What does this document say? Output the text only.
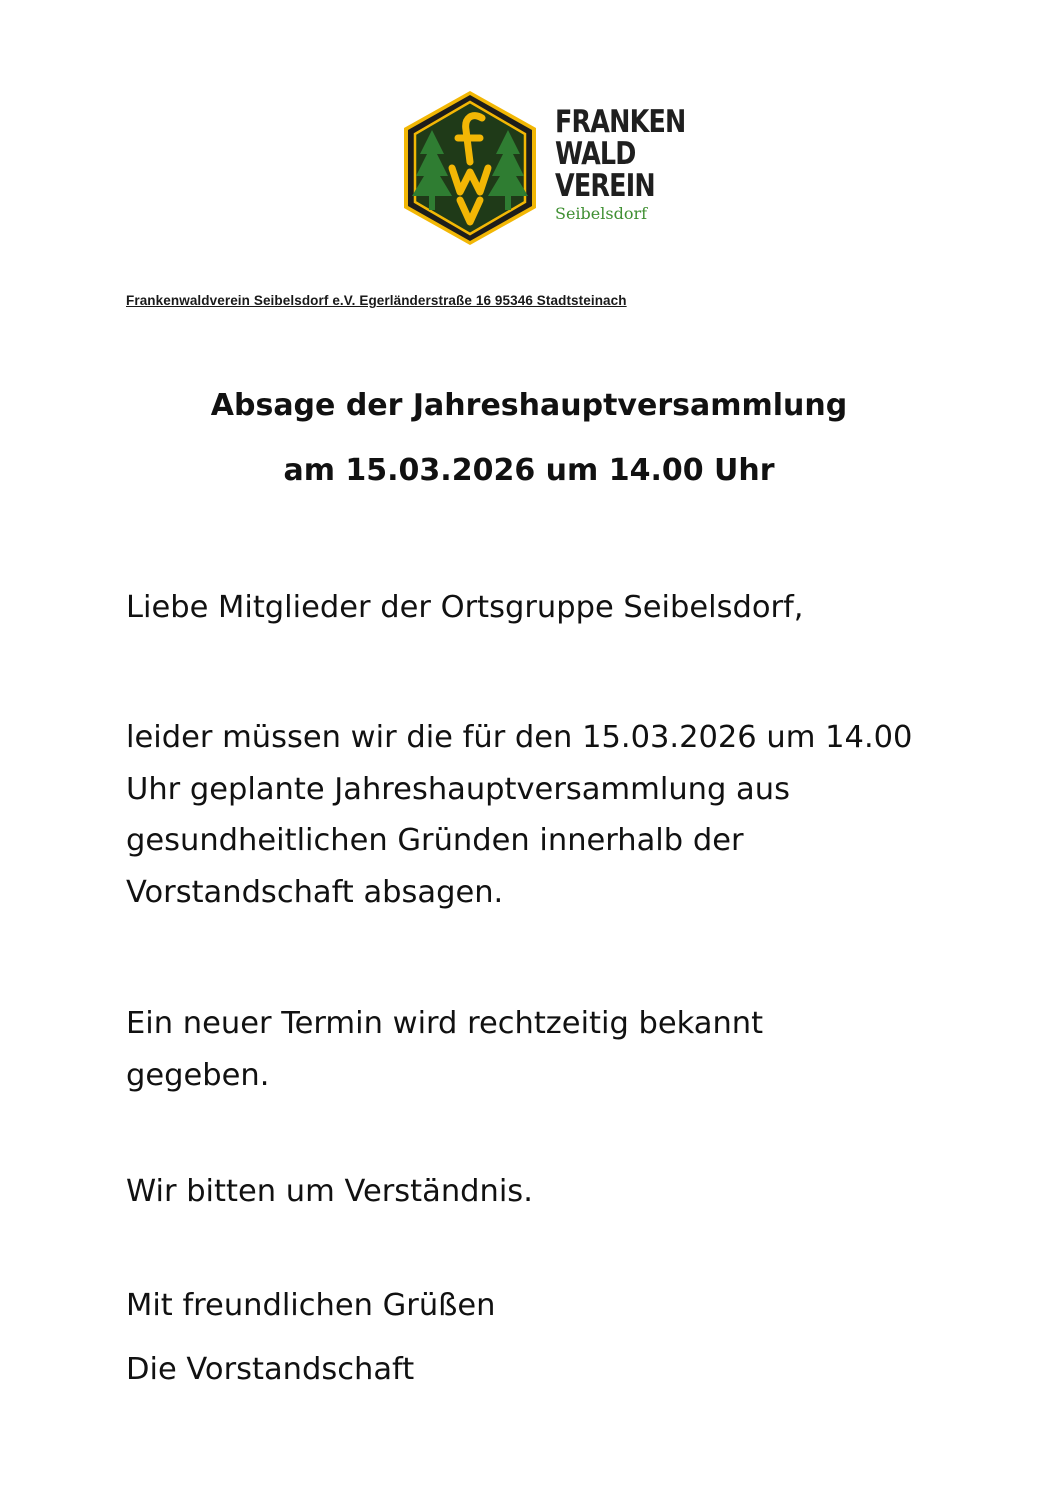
FRANKEN
WALD
VEREIN
Seibelsdorf
Frankenwaldverein Seibelsdorf e.V. Egerländerstraße 16 95346 Stadtsteinach
Absage der Jahreshauptversammlung
am 15.03.2026 um 14.00 Uhr

Liebe Mitglieder der Ortsgruppe Seibelsdorf,

leider müssen wir die für den 15.03.2026 um 14.00 Uhr geplante Jahreshauptversammlung aus gesundheitlichen Gründen innerhalb der Vorstandschaft absagen.

Ein neuer Termin wird rechtzeitig bekannt gegeben.

Wir bitten um Verständnis.

Mit freundlichen Grüßen

Die Vorstandschaft
